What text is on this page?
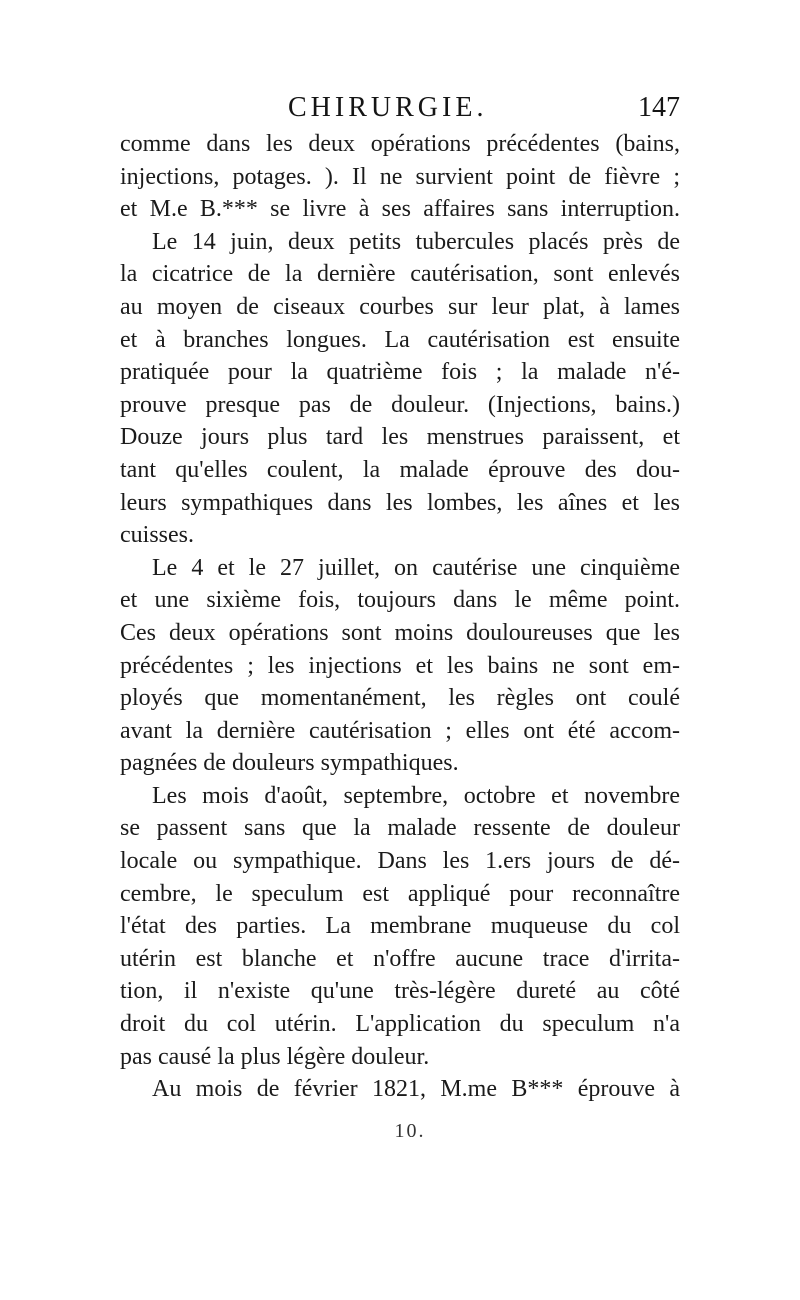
CHIRURGIE.	147
comme dans les deux opérations précédentes (bains,
injections, potages. ). Il ne survient point de fièvre ;
et M.e B.*** se livre à ses affaires sans interruption.
Le 14 juin, deux petits tubercules placés près de
la cicatrice de la dernière cautérisation, sont enlevés
au moyen de ciseaux courbes sur leur plat, à lames
et à branches longues. La cautérisation est ensuite
pratiquée pour la quatrième fois ; la malade n'é-
prouve presque pas de douleur. (Injections, bains.)
Douze jours plus tard les menstrues paraissent, et
tant qu'elles coulent, la malade éprouve des dou-
leurs sympathiques dans les lombes, les aînes et les
cuisses.
Le 4 et le 27 juillet, on cautérise une cinquième
et une sixième fois, toujours dans le même point.
Ces deux opérations sont moins douloureuses que les
précédentes ; les injections et les bains ne sont em-
ployés que momentanément, les règles ont coulé
avant la dernière cautérisation ; elles ont été accom-
pagnées de douleurs sympathiques.
Les mois d'août, septembre, octobre et novembre
se passent sans que la malade ressente de douleur
locale ou sympathique. Dans les 1.ers jours de dé-
cembre, le speculum est appliqué pour reconnaître
l'état des parties. La membrane muqueuse du col
utérin est blanche et n'offre aucune trace d'irrita-
tion, il n'existe qu'une très-légère dureté au côté
droit du col utérin. L'application du speculum n'a
pas causé la plus légère douleur.
Au mois de février 1821, M.me B*** éprouve à
10.
